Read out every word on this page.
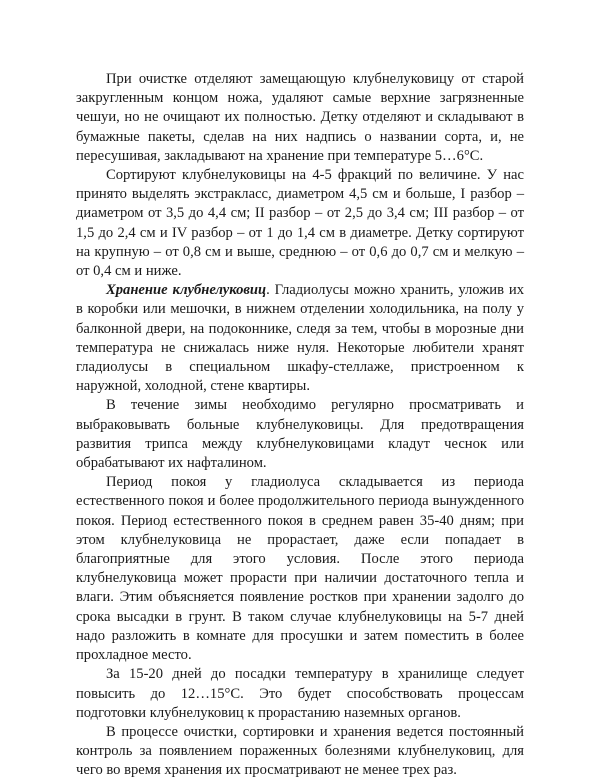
При очистке отделяют замещающую клубнелуковицу от старой закругленным концом ножа, удаляют самые верхние загрязненные чешуи, но не очищают их полностью. Детку отделяют и складывают в бумажные пакеты, сделав на них надпись о названии сорта, и, не пересушивая, закладывают на хранение при температуре 5…6°С.

Сортируют клубнелуковицы на 4-5 фракций по величине. У нас принято выделять экстракласс, диаметром 4,5 см и больше, I разбор – диаметром от 3,5 до 4,4 см; II разбор – от 2,5 до 3,4 см; III разбор – от 1,5 до 2,4 см и IV разбор – от 1 до 1,4 см в диаметре. Детку сортируют на крупную – от 0,8 см и выше, среднюю – от 0,6 до 0,7 см и мелкую – от 0,4 см и ниже.

Хранение клубнелуковиц. Гладиолусы можно хранить, уложив их в коробки или мешочки, в нижнем отделении холодильника, на полу у балконной двери, на подоконнике, следя за тем, чтобы в морозные дни температура не снижалась ниже нуля. Некоторые любители хранят гладиолусы в специальном шкафу-стеллаже, пристроенном к наружной, холодной, стене квартиры.

В течение зимы необходимо регулярно просматривать и выбраковывать больные клубнелуковицы. Для предотвращения развития трипса между клубнелуковицами кладут чеснок или обрабатывают их нафталином.

Период покоя у гладиолуса складывается из периода естественного покоя и более продолжительного периода вынужденного покоя. Период естественного покоя в среднем равен 35-40 дням; при этом клубнелуковица не прорастает, даже если попадает в благоприятные для этого условия. После этого периода клубнелуковица может прорасти при наличии достаточного тепла и влаги. Этим объясняется появление ростков при хранении задолго до срока высадки в грунт. В таком случае клубнелуковицы на 5-7 дней надо разложить в комнате для просушки и затем поместить в более прохладное место.

За 15-20 дней до посадки температуру в хранилище следует повысить до 12…15°С. Это будет способствовать процессам подготовки клубнелуковиц к прорастанию наземных органов.

В процессе очистки, сортировки и хранения ведется постоянный контроль за появлением пораженных болезнями клубнелуковиц, для чего во время хранения их просматривают не менее трех раз.
